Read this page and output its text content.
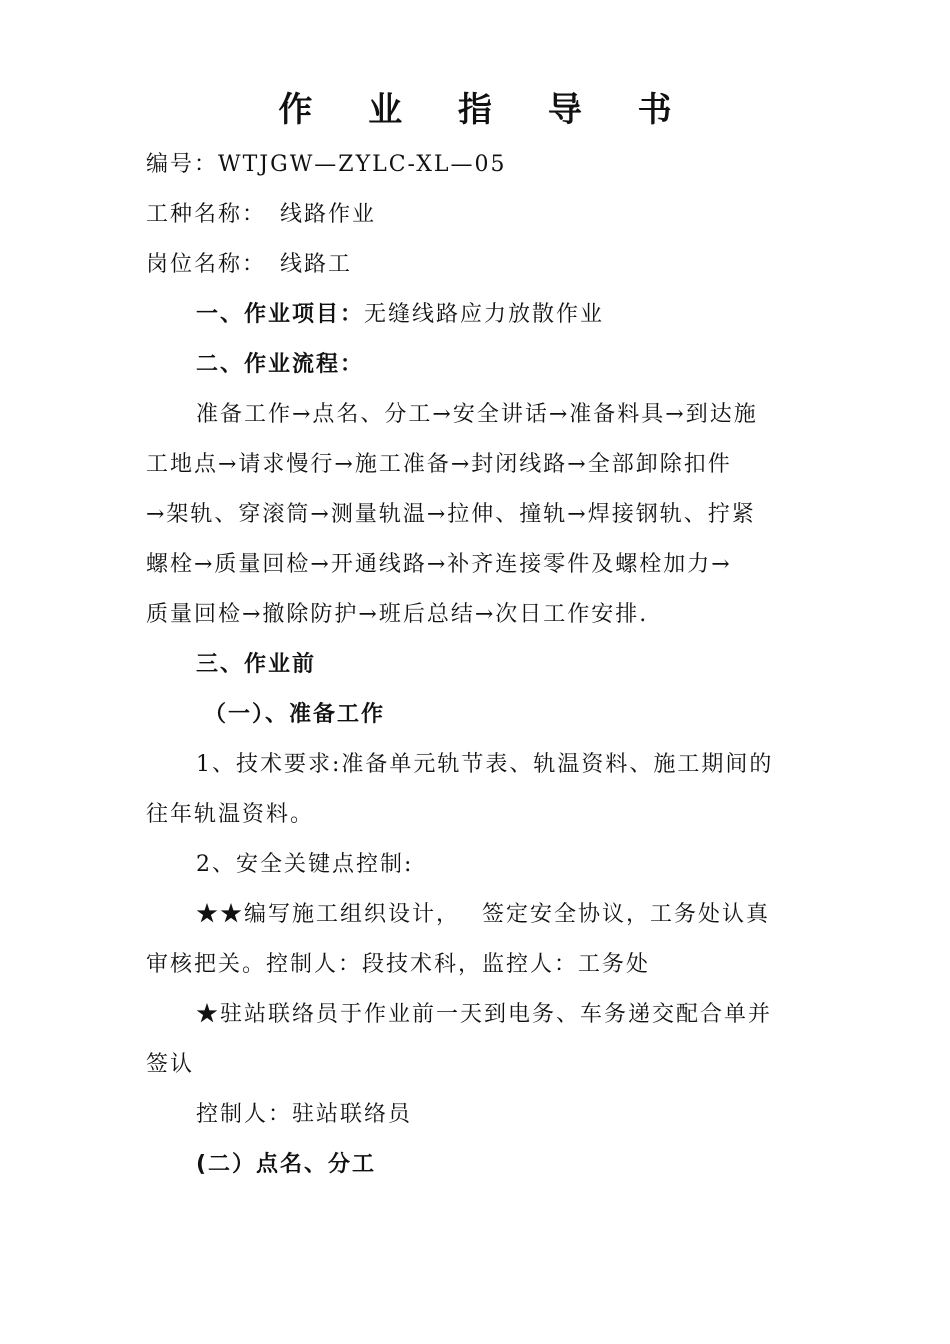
作 业 指 导 书
编号：WTJGW—ZYLC-XL—05
工种名称： 线路作业
岗位名称： 线路工
一、作业项目：无缝线路应力放散作业
二、作业流程：
准备工作→点名、分工→安全讲话→准备料具→到达施
工地点→请求慢行→施工准备→封闭线路→全部卸除扣件
→架轨、穿滚筒→测量轨温→拉伸、撞轨→焊接钢轨、拧紧
螺栓→质量回检→开通线路→补齐连接零件及螺栓加力→
质量回检→撤除防护→班后总结→次日工作安排.
三、作业前
（一）、准备工作
1、技术要求:准备单元轨节表、轨温资料、施工期间的
往年轨温资料。
2、安全关键点控制:
★★编写施工组织设计， 签定安全协议，工务处认真
审核把关。控制人：段技术科，监控人：工务处
★驻站联络员于作业前一天到电务、车务递交配合单并
签认
控制人：驻站联络员
(二）点名、分工
